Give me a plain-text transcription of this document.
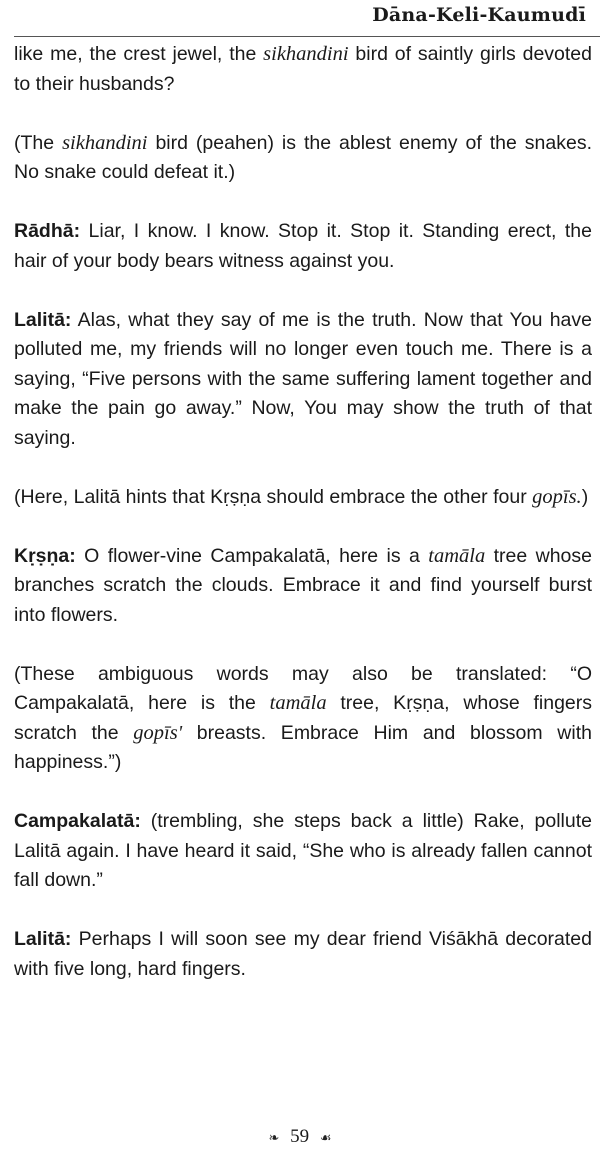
Dāna-Keli-Kaumudī

like me, the crest jewel, the sikhandini bird of saintly girls devoted to their husbands?

(The sikhandini bird (peahen) is the ablest enemy of the snakes. No snake could defeat it.)

Rādhā: Liar, I know. I know. Stop it. Stop it. Standing erect, the hair of your body bears witness against you.

Lalitā: Alas, what they say of me is the truth. Now that You have polluted me, my friends will no longer even touch me. There is a saying, “Five persons with the same suffering lament together and make the pain go away.” Now, You may show the truth of that saying.

(Here, Lalitā hints that Kṛṣṇa should embrace the other four gopīs.)

Kṛṣṇa: O flower-vine Campakalatā, here is a tamāla tree whose branches scratch the clouds. Embrace it and find yourself burst into flowers.

(These ambiguous words may also be translated: “O Campakalatā, here is the tamāla tree, Kṛṣṇa, whose fingers scratch the gopīs' breasts. Embrace Him and blossom with happiness.”)

Campakalatā: (trembling, she steps back a little) Rake, pollute Lalitā again. I have heard it said, “She who is already fallen cannot fall down.”

Lalitā: Perhaps I will soon see my dear friend Viśākhā decorated with five long, hard fingers.

❧ 59 ☙
